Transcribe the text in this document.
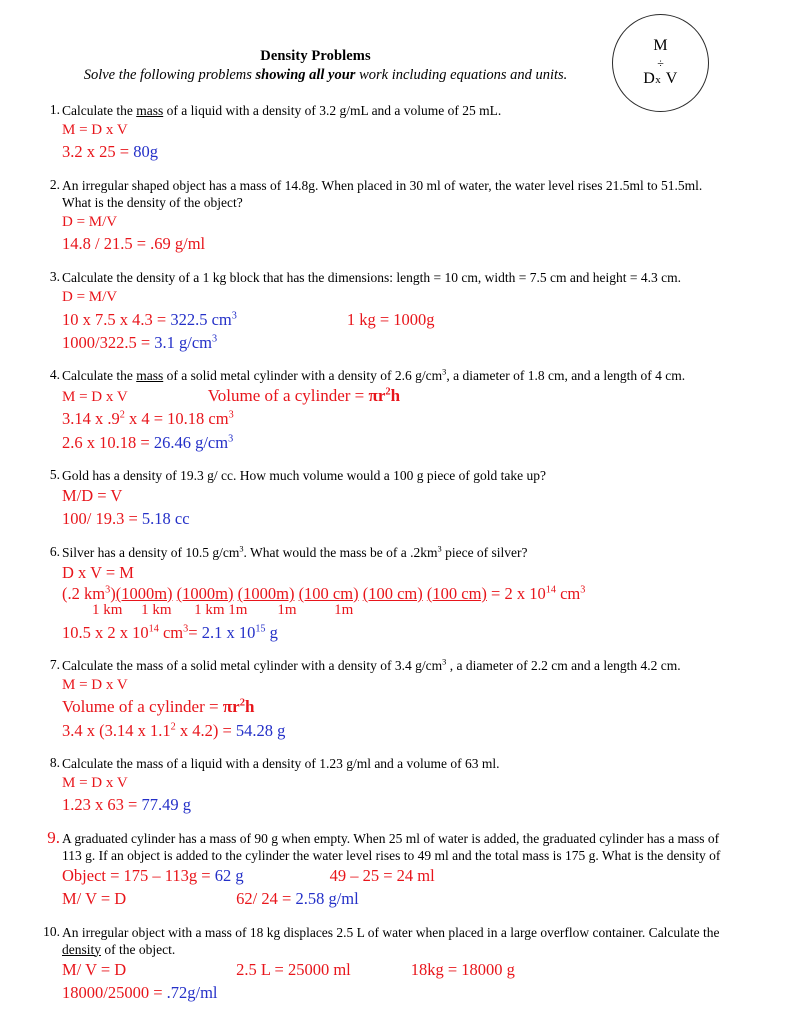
M
÷
Dx V
Density Problems
Solve the following problems showing all your work including equations and units.
1. Calculate the mass of a liquid with a density of 3.2 g/mL and a volume of 25 mL.

M = D x V
3.2 x 25 = 80g
2. An irregular shaped object has a mass of 14.8g. When placed in 30 ml of water, the water level rises 21.5ml to 51.5ml.

What is the density of the object?

D = M/V
14.8 / 21.5 = .69 g/ml
3. Calculate the density of a 1 kg block that has the dimensions: length = 10 cm, width = 7.5 cm and height = 4.3 cm.

D = M/V
10 x 7.5 x 4.3 = 322.5 $cm^3$	1 kg = 1000g
1000/322.5 = 3.1 $g/cm^3$
4. Calculate the mass of a solid metal cylinder with a density of 2.6 $g/cm^3$, a diameter of 1.8 cm, and a length of 4 cm.

M = D x V	Volume of a cylinder = $\pi r^2h$
3.14 x $.9^2$ x 4 = 10.18 $cm^3$
2.6 x 10.18 = 26.46 $g/cm^3$
5. Gold has a density of 19.3 g/ cc. How much volume would a 100 g piece of gold take up?

M/D = V
100/ 19.3 = 5.18 cc
6. Silver has a density of 10.5 $g/cm^3$. What would the mass be of a $.2km^3$ piece of silver?

D x V = M
(.2 $km^3)(1000m)$ (1000m) (1000m) (100 cm) (100 cm) (100 cm) = 2 x $10^{14}$ $cm^3$
1 km     1 km      1 km 1m        1m          1m
10.5 x 2 x $10^{14}$ $cm^3= 2.1$ x $10^{15}$ g
7. Calculate the mass of a solid metal cylinder with a density of 3.4 $g/cm^3$ , a diameter of 2.2 cm and a length 4.2 cm.

M = D x V
Volume of a cylinder = $\pi r^2h$
3.4 x (3.14 x $1.1^2$ x 4.2) = 54.28 g
8. Calculate the mass of a liquid with a density of 1.23 g/ml and a volume of 63 ml.

M = D x V
1.23 x 63 = 77.49 g
9. A graduated cylinder has a mass of 90 g when empty. When 25 ml of water is added, the graduated cylinder has a mass of

113 g. If an object is added to the cylinder the water level rises to 49 ml and the total mass is 175 g. What is the density of

Object = 175 – 113g = 62 g	49 – 25 = 24 ml
M/ V = D	62/ 24 = 2.58 g/ml
10. An irregular object with a mass of 18 kg displaces 2.5 L of water when placed in a large overflow container. Calculate the

density of the object.

M/ V = D	2.5 L = 25000 ml	18kg = 18000 g
18000/25000 = .72g/ml
